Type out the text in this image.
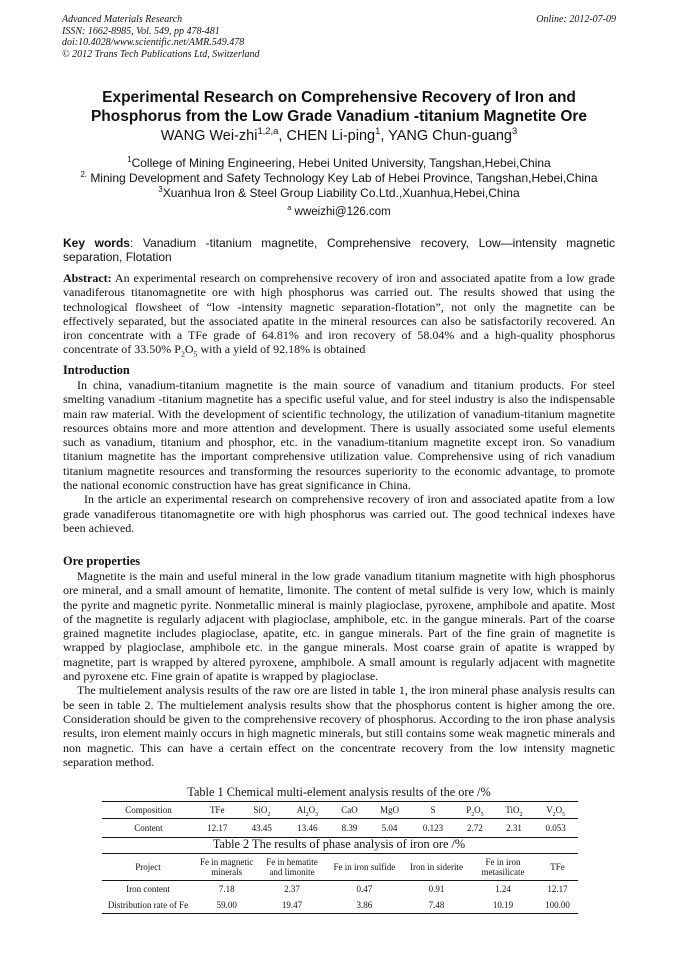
Advanced Materials Research
ISSN: 1662-8985, Vol. 549, pp 478-481
doi:10.4028/www.scientific.net/AMR.549.478
© 2012 Trans Tech Publications Ltd, Switzerland
Online: 2012-07-09
Experimental Research on Comprehensive Recovery of Iron and
Phosphorus from the Low Grade Vanadium -titanium Magnetite Ore
WANG Wei-zhi$^{1,2,a}$, CHEN Li-ping$^1$, YANG Chun-guang$^3$
$^1$College of Mining Engineering, Hebei United University, Tangshan,Hebei,China
$^{2.}$ Mining Development and Safety Technology Key Lab of Hebei Province, Tangshan,Hebei,China
$^3$Xuanhua Iron & Steel Group Liability Co.Ltd.,Xuanhua,Hebei,China
$^a$ wweizhi@126.com
Key words: Vanadium -titanium magnetite, Comprehensive recovery, Low—intensity magnetic separation, Flotation
Abstract: An experimental research on comprehensive recovery of iron and associated apatite from a low grade vanadiferous titanomagnetite ore with high phosphorus was carried out. The results showed that using the technological flowsheet of “low -intensity magnetic separation-flotation”, not only the magnetite can be effectively separated, but the associated apatite in the mineral resources can also be satisfactorily recovered. An iron concentrate with a TFe grade of 64.81% and iron recovery of 58.04% and a high-quality phosphorus concentrate of 33.50% $P_2O_5$ with a yield of 92.18% is obtained
Introduction

In china, vanadium-titanium magnetite is the main source of vanadium and titanium products. For steel smelting vanadium -titanium magnetite has a specific useful value, and for steel industry is also the indispensable main raw material. With the development of scientific technology, the utilization of vanadium-titanium magnetite resources obtains more and more attention and development. There is usually associated some useful elements such as vanadium, titanium and phosphor, etc. in the vanadium-titanium magnetite except iron. So vanadium titanium magnetite has the important comprehensive utilization value. Comprehensive using of rich vanadium titanium magnetite resources and transforming the resources superiority to the economic advantage, to promote the national economic construction have has great significance in China.

In the article an experimental research on comprehensive recovery of iron and associated apatite from a low grade vanadiferous titanomagnetite ore with high phosphorus was carried out. The good technical indexes have been achieved.

Ore properties

Magnetite is the main and useful mineral in the low grade vanadium titanium magnetite with high phosphorus ore mineral, and a small amount of hematite, limonite. The content of metal sulfide is very low, which is mainly the pyrite and magnetic pyrite. Nonmetallic mineral is mainly plagioclase, pyroxene, amphibole and apatite. Most of the magnetite is regularly adjacent with plagioclase, amphibole, etc. in the gangue minerals. Part of the coarse grained magnetite includes plagioclase, apatite, etc. in gangue minerals. Part of the fine grain of magnetite is wrapped by plagioclase, amphibole etc. in the gangue minerals. Most coarse grain of apatite is wrapped by magnetite, part is wrapped by altered pyroxene, amphibole. A small amount is regularly adjacent with magnetite and pyroxene etc. Fine grain of apatite is wrapped by plagioclase.

The multielement analysis results of the raw ore are listed in table 1, the iron mineral phase analysis results can be seen in table 2. The multielement analysis results show that the phosphorus content is higher among the ore. Consideration should be given to the comprehensive recovery of phosphorus. According to the iron phase analysis results, iron element mainly occurs in high magnetic minerals, but still contains some weak magnetic minerals and non magnetic. This can have a certain effect on the concentrate recovery from the low intensity magnetic separation method.

Table 1 Chemical multi-element analysis results of the ore /%
Composition	TFe	SiO$_2$	$Al_2O_3$	CaO	MgO	S	$P_2O_5$	TiO$_2$	$V_2O_5$
Content	12.17	43.45	13.46	8.39	5.04	0.123	2.72	2.31	0.053
Table 2 The results of phase analysis of iron ore /%
Project	Fe in magnetic minerals	Fe in hematite and limonite	Fe in iron sulfide	Iron in siderite	Fe in iron metasilicate	TFe
Iron content	7.18	2.37	0.47	0.91	1.24	12.17
Distribution rate of Fe	59.00	19.47	3.86	7.48	10.19	100.00
